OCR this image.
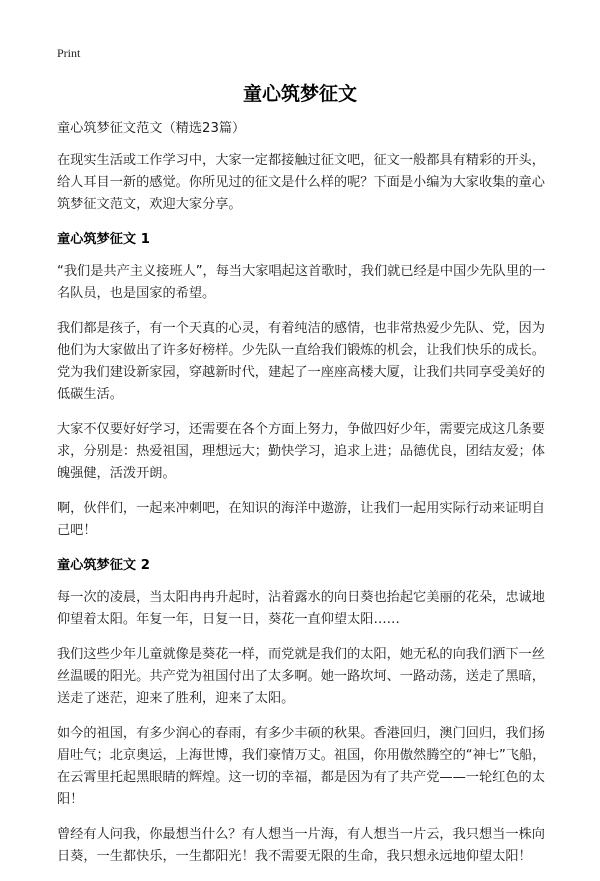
Print
童心筑梦征文

童心筑梦征文范文（精选23篇）

在现实生活或工作学习中，大家一定都接触过征文吧，征文一般都具有精彩的开头，给人耳目一新的感觉。你所见过的征文是什么样的呢？下面是小编为大家收集的童心筑梦征文范文，欢迎大家分享。

童心筑梦征文 1

“我们是共产主义接班人”，每当大家唱起这首歌时，我们就已经是中国少先队里的一名队员，也是国家的希望。

我们都是孩子，有一个天真的心灵，有着纯洁的感情，也非常热爱少先队、党，因为他们为大家做出了许多好榜样。少先队一直给我们锻炼的机会，让我们快乐的成长。党为我们建设新家园，穿越新时代，建起了一座座高楼大厦，让我们共同享受美好的低碳生活。

大家不仅要好好学习，还需要在各个方面上努力，争做四好少年，需要完成这几条要求，分别是：热爱祖国，理想远大；勤快学习，追求上进；品德优良，团结友爱；体魄强健，活泼开朗。

啊，伙伴们，一起来冲刺吧，在知识的海洋中遨游，让我们一起用实际行动来证明自己吧！

童心筑梦征文 2

每一次的凌晨，当太阳冉冉升起时，沾着露水的向日葵也抬起它美丽的花朵，忠诚地仰望着太阳。年复一年，日复一日，葵花一直仰望太阳……

我们这些少年儿童就像是葵花一样，而党就是我们的太阳，她无私的向我们洒下一丝丝温暖的阳光。共产党为祖国付出了太多啊。她一路坎坷、一路动荡，送走了黑暗，送走了迷茫，迎来了胜利，迎来了太阳。

如今的祖国，有多少润心的春雨，有多少丰硕的秋果。香港回归，澳门回归，我们扬眉吐气；北京奥运，上海世博，我们豪情万丈。祖国，你用傲然腾空的“神七”飞船，在云霄里托起黑眼睛的辉煌。这一切的幸福，都是因为有了共产党——一轮红色的太阳！

曾经有人问我，你最想当什么？有人想当一片海，有人想当一片云，我只想当一株向日葵，一生都快乐，一生都阳光！我不需要无限的生命，我只想永远地仰望太阳！
